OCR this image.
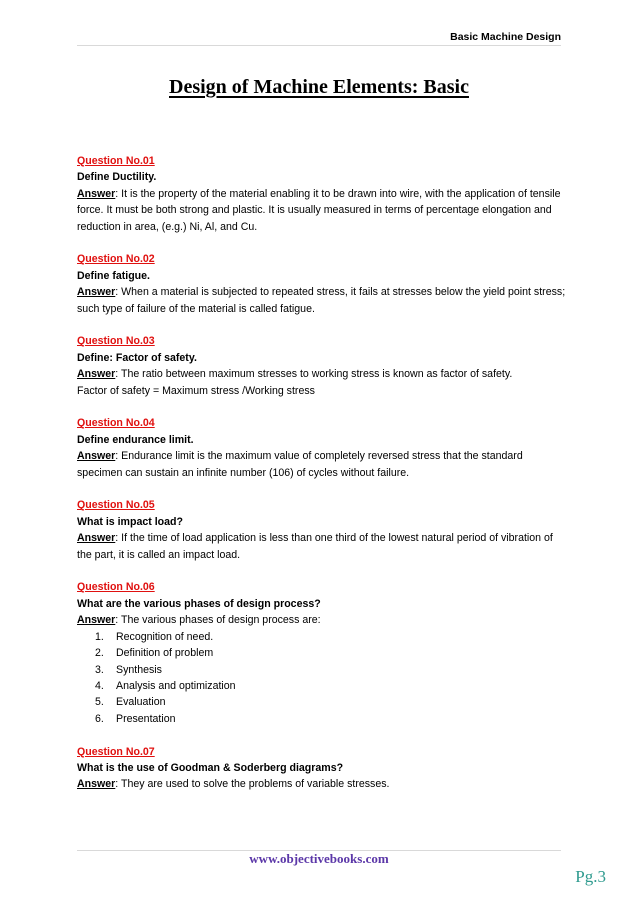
Basic Machine Design
Design of Machine Elements: Basic
Question No.01
Define Ductility.
Answer: It is the property of the material enabling it to be drawn into wire, with the application of tensile force. It must be both strong and plastic. It is usually measured in terms of percentage elongation and reduction in area, (e.g.) Ni, Al, and Cu.
Question No.02
Define fatigue.
Answer: When a material is subjected to repeated stress, it fails at stresses below the yield point stress; such type of failure of the material is called fatigue.
Question No.03
Define: Factor of safety.
Answer: The ratio between maximum stresses to working stress is known as factor of safety.
Factor of safety = Maximum stress /Working stress
Question No.04
Define endurance limit.
Answer: Endurance limit is the maximum value of completely reversed stress that the standard specimen can sustain an infinite number (106) of cycles without failure.
Question No.05
What is impact load?
Answer: If the time of load application is less than one third of the lowest natural period of vibration of the part, it is called an impact load.
Question No.06
What are the various phases of design process?
Answer: The various phases of design process are:
1.	Recognition of need.
2.	Definition of problem
3.	Synthesis
4.	Analysis and optimization
5.	Evaluation
6.	Presentation
Question No.07
What is the use of Goodman & Soderberg diagrams?
Answer: They are used to solve the problems of variable stresses.
www.objectivebooks.com
Pg.3
